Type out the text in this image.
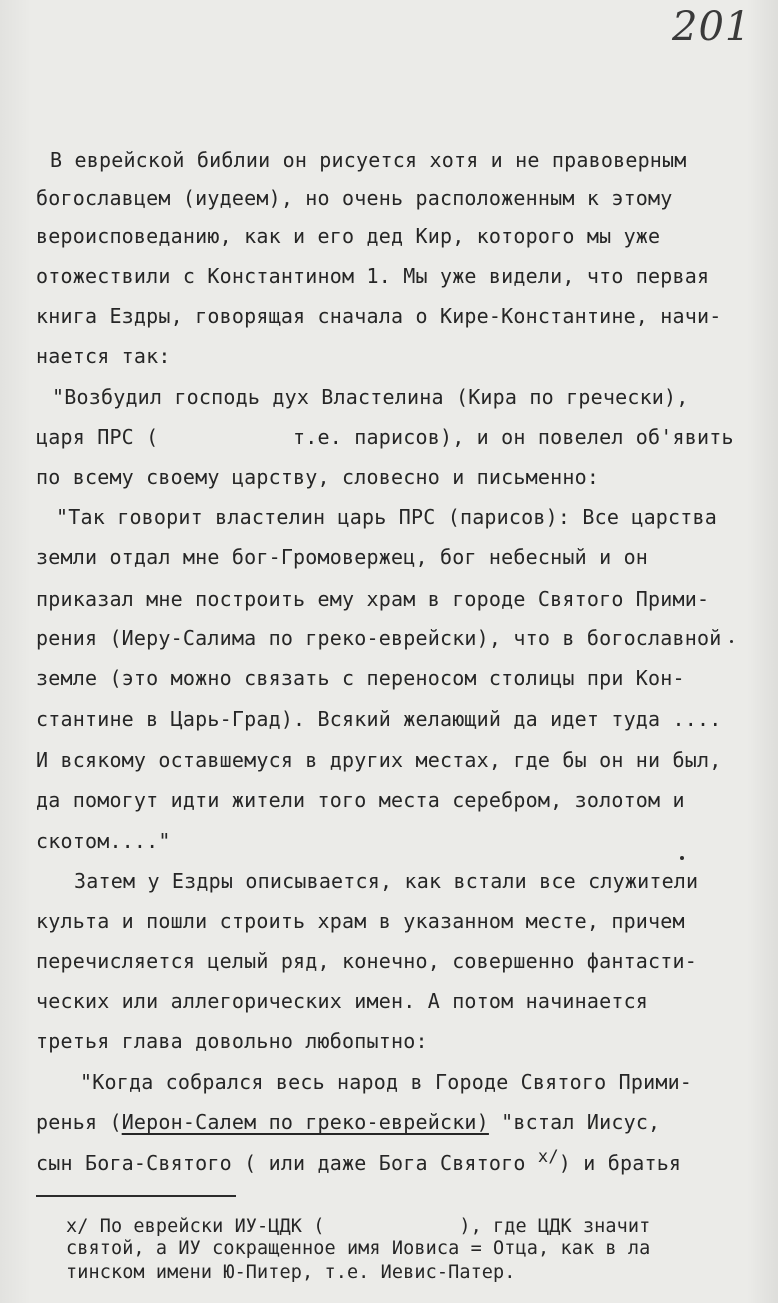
201
В еврейской библии он рисуется хотя и не правоверным
богославцем (иудеем), но очень расположенным к этому
вероисповеданию, как и его дед Кир, которого мы уже
отожествили с Константином 1. Мы уже видели, что первая
книга Ездры, говорящая сначала о Кире-Константине, начи-
нается так:
"Возбудил господь дух Властелина (Кира по гречески),
царя ПРС (           т.е. парисов), и он повелел об'явить
по всему своему царству, словесно и письменно:
"Так говорит властелин царь ПРС (парисов): Все царства
земли отдал мне бог-Громовержец, бог небесный и он
приказал мне построить ему храм в городе Святого Прими-
рения (Иеру-Салима по греко-еврейски), что в богославной
земле (это можно связать с переносом столицы при Кон-
стантине в Царь-Град). Всякий желающий да идет туда ....
И всякому оставшемуся в других местах, где бы он ни был,
да помогут идти жители того места серебром, золотом и
скотом...."
Затем у Ездры описывается, как встали все служители
культа и пошли строить храм в указанном месте, причем
перечисляется целый ряд, конечно, совершенно фантасти-
ческих или аллегорических имен. А потом начинается
третья глава довольно любопытно:
"Когда собрался весь народ в Городе Святого Прими-
ренья (Иерон-Салем по греко-еврейски) "встал Иисус,
сын Бога-Святого ( или даже Бога Святого $^{х/}$) и братья
х/ По еврейски ИУ-ЦДК (            ), где ЦДК значит
святой, а ИУ сокращенное имя Иовиса = Отца, как в ла
тинском имени Ю-Питер, т.е. Иевис-Патер.
